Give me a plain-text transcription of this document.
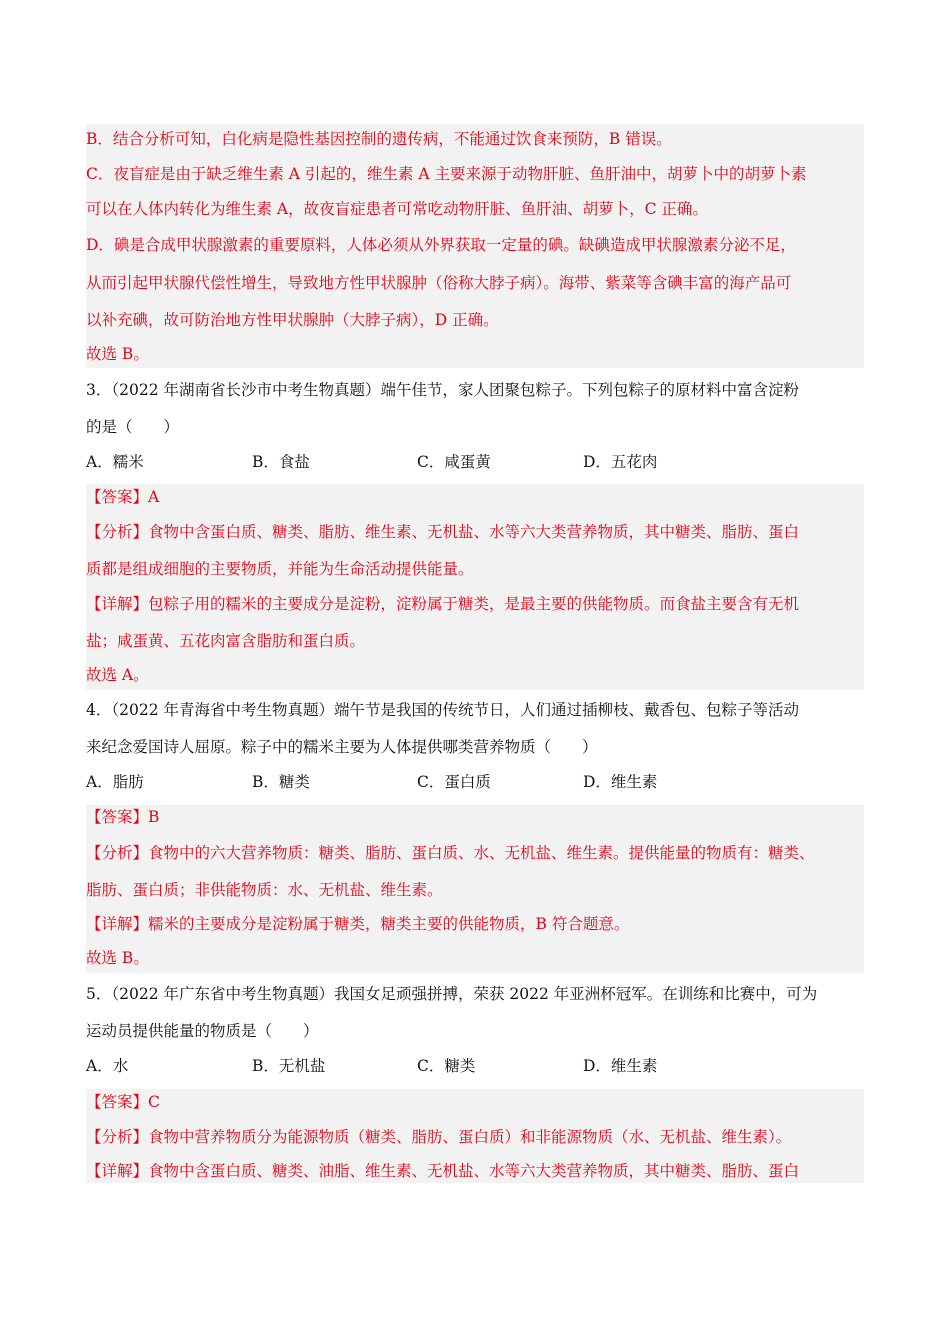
B．结合分析可知，白化病是隐性基因控制的遗传病，不能通过饮食来预防，B 错误。
C．夜盲症是由于缺乏维生素 A 引起的，维生素 A 主要来源于动物肝脏、鱼肝油中，胡萝卜中的胡萝卜素
可以在人体内转化为维生素 A，故夜盲症患者可常吃动物肝脏、鱼肝油、胡萝卜，C 正确。
D．碘是合成甲状腺激素的重要原料，人体必须从外界获取一定量的碘。缺碘造成甲状腺激素分泌不足，
从而引起甲状腺代偿性增生，导致地方性甲状腺肿（俗称大脖子病）。海带、紫菜等含碘丰富的海产品可
以补充碘，故可防治地方性甲状腺肿（大脖子病），D 正确。
故选 B。
3．（2022 年湖南省长沙市中考生物真题）端午佳节，家人团聚包粽子。下列包粽子的原材料中富含淀粉
的是（　　）
A．糯米	B．食盐	C．咸蛋黄	D．五花肉
【答案】A
【分析】食物中含蛋白质、糖类、脂肪、维生素、无机盐、水等六大类营养物质，其中糖类、脂肪、蛋白
质都是组成细胞的主要物质，并能为生命活动提供能量。
【详解】包粽子用的糯米的主要成分是淀粉，淀粉属于糖类，是最主要的供能物质。而食盐主要含有无机
盐；咸蛋黄、五花肉富含脂肪和蛋白质。
故选 A。
4．（2022 年青海省中考生物真题）端午节是我国的传统节日，人们通过插柳枝、戴香包、包粽子等活动
来纪念爱国诗人屈原。粽子中的糯米主要为人体提供哪类营养物质（　　）
A．脂肪	B．糖类	C．蛋白质	D．维生素
【答案】B
【分析】食物中的六大营养物质：糖类、脂肪、蛋白质、水、无机盐、维生素。提供能量的物质有：糖类、
脂肪、蛋白质；非供能物质：水、无机盐、维生素。
【详解】糯米的主要成分是淀粉属于糖类，糖类主要的供能物质，B 符合题意。
故选 B。
5．（2022 年广东省中考生物真题）我国女足顽强拼搏，荣获 2022 年亚洲杯冠军。在训练和比赛中，可为
运动员提供能量的物质是（　　）
A．水	B．无机盐	C．糖类	D．维生素
【答案】C
【分析】食物中营养物质分为能源物质（糖类、脂肪、蛋白质）和非能源物质（水、无机盐、维生素）。
【详解】食物中含蛋白质、糖类、油脂、维生素、无机盐、水等六大类营养物质，其中糖类、脂肪、蛋白
